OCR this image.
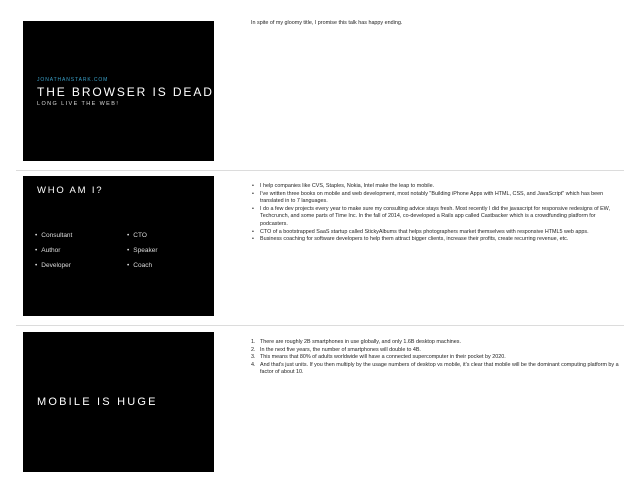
JONATHANSTARK.COM
THE BROWSER IS DEAD
LONG LIVE THE WEB!
In spite of my gloomy title, I promise this talk has happy ending.
WHO AM I?
• Consultant	• CTO
• Author	• Speaker
• Developer	• Coach
• I help companies like CVS, Staples, Nokia, Intel make the leap to mobile.
• I've written three books on mobile and web development, most notably "Building iPhone Apps with HTML, CSS, and JavaScript" which has been translated in to 7 languages.
• I do a few dev projects every year to make sure my consulting advice stays fresh. Most recently I did the javascript for responsive redesigns of EW, Techcrunch, and some parts of Time Inc. In the fall of 2014, co-developed a Rails app called Castbacker which is a crowdfunding platform for podcasters.
• CTO of a bootstrapped SaaS startup called StickyAlbums that helps photographers market themselves with responsive HTML5 web apps.
• Business coaching for software developers to help them attract bigger clients, increase their profits, create recurring revenue, etc.
MOBILE IS HUGE
1. There are roughly 2B smartphones in use globally, and only 1.6B desktop machines.
2. In the next five years, the number of smartphones will double to 4B.
3. This means that 80% of adults worldwide will have a connected supercomputer in their pocket by 2020.
4. And that's just units. If you then multiply by the usage numbers of desktop vs mobile, it's clear that mobile will be the dominant computing platform by a factor of about 10.
